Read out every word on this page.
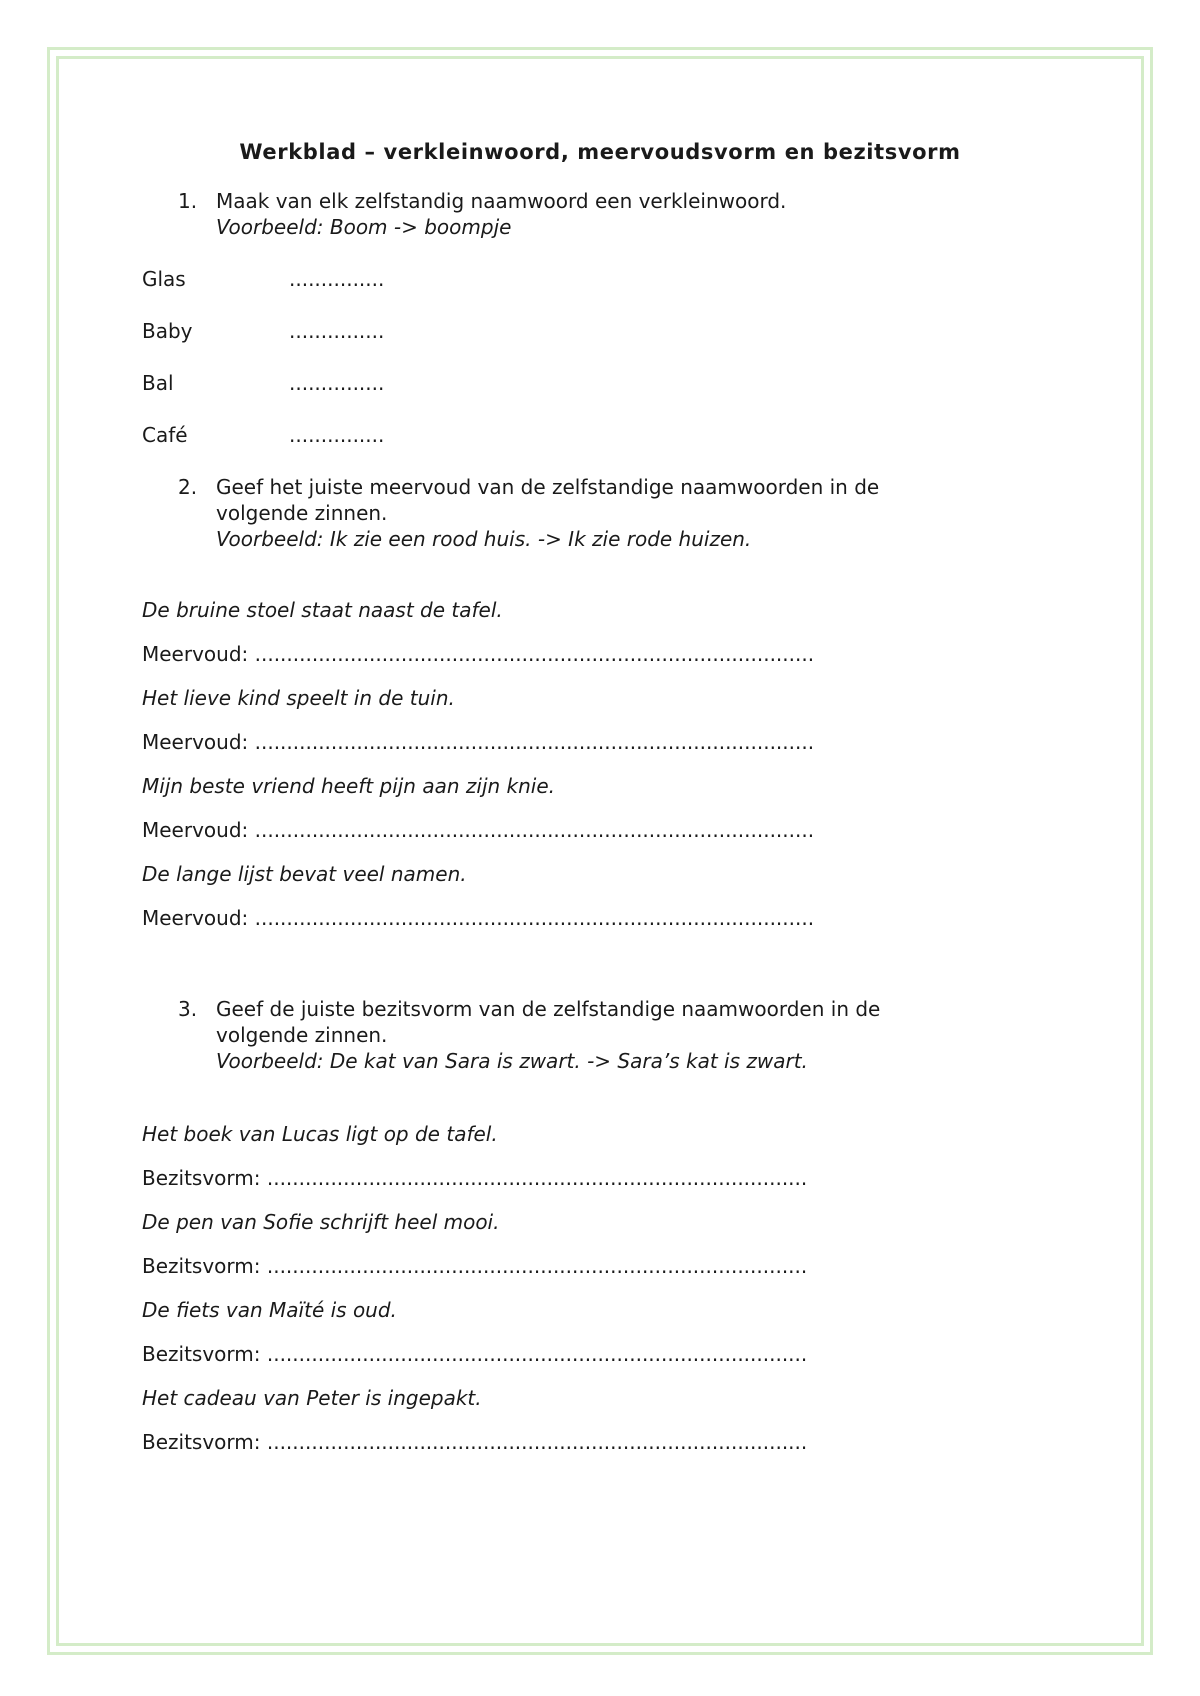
Werkblad – verkleinwoord, meervoudsvorm en bezitsvorm
1. Maak van elk zelfstandig naamwoord een verkleinwoord.
Voorbeeld: Boom -> boompje
Glas	...............
Baby	...............
Bal	...............
Café	...............
2. Geef het juiste meervoud van de zelfstandige naamwoorden in de
volgende zinnen.
Voorbeeld: Ik zie een rood huis. -> Ik zie rode huizen.
De bruine stoel staat naast de tafel.
Meervoud: ........................................................................................
Het lieve kind speelt in de tuin.
Meervoud: ........................................................................................
Mijn beste vriend heeft pijn aan zijn knie.
Meervoud: ........................................................................................
De lange lijst bevat veel namen.
Meervoud: ........................................................................................
3. Geef de juiste bezitsvorm van de zelfstandige naamwoorden in de
volgende zinnen.
Voorbeeld: De kat van Sara is zwart. -> Sara’s kat is zwart.
Het boek van Lucas ligt op de tafel.
Bezitsvorm: .....................................................................................
De pen van Sofie schrijft heel mooi.
Bezitsvorm: .....................................................................................
De fiets van Maïté is oud.
Bezitsvorm: .....................................................................................
Het cadeau van Peter is ingepakt.
Bezitsvorm: .....................................................................................
